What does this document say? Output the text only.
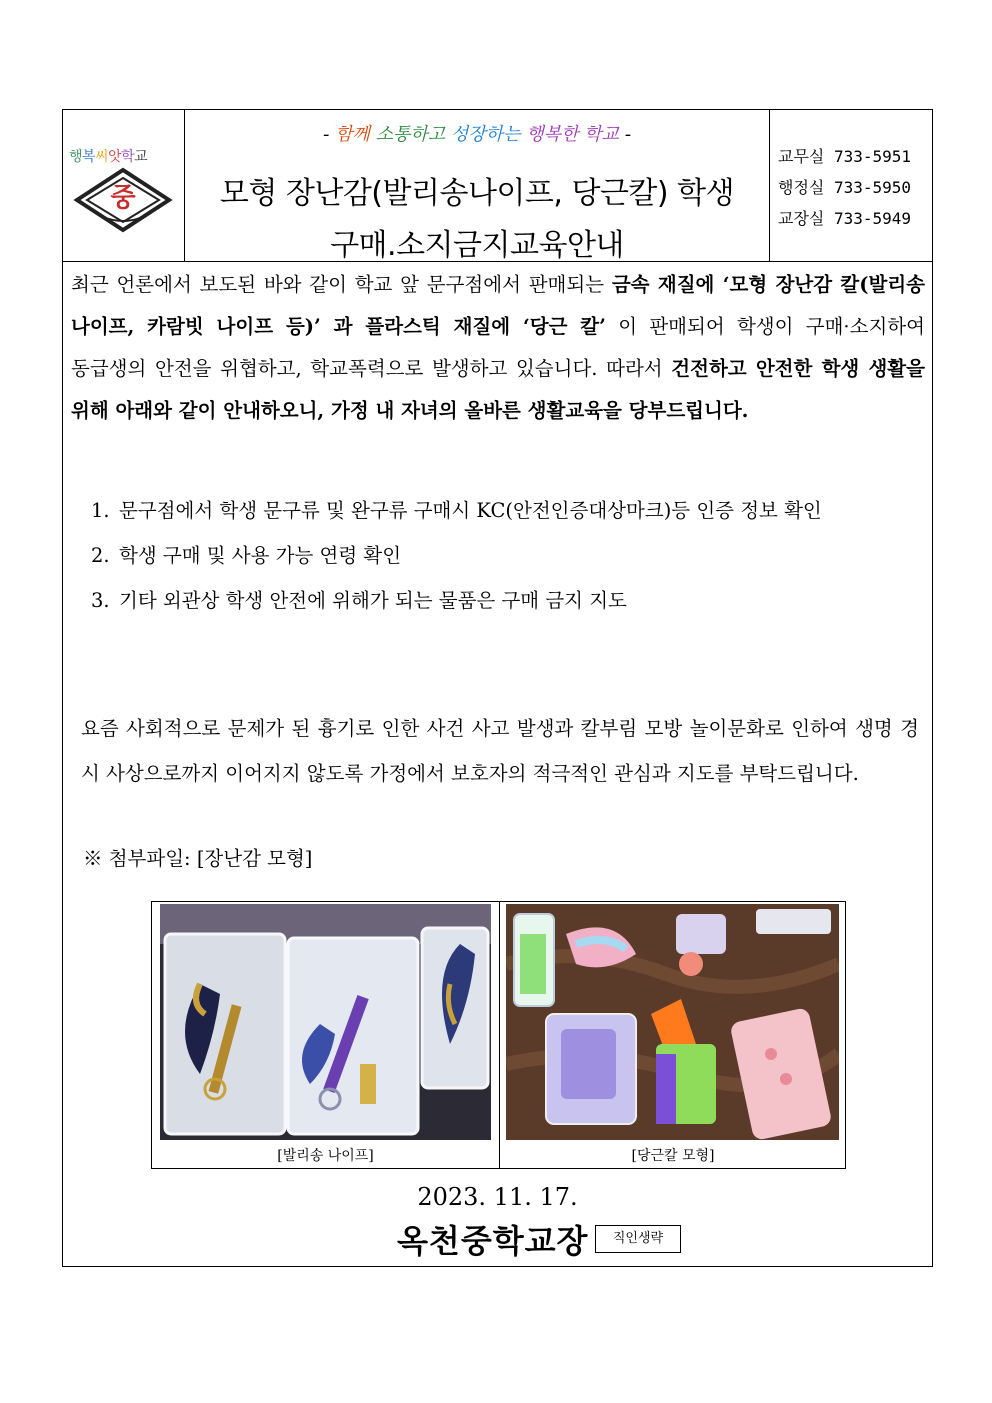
행복씨앗학교
중
- 함께 소통하고 성장하는 행복한 학교 -
모형 장난감(발리송나이프, 당근칼) 학생
구매.소지금지교육안내
교무실 733-5951
행정실 733-5950
교장실 733-5949
최근 언론에서 보도된 바와 같이 학교 앞 문구점에서 판매되는 금속 재질에 ‘모형 장난감 칼(발리송 나이프, 카람빗 나이프 등)’ 과 플라스틱 재질에 ‘당근 칼’ 이 판매되어 학생이 구매·소지하여 동급생의 안전을 위협하고, 학교폭력으로 발생하고 있습니다. 따라서 건전하고 안전한 학생 생활을 위해 아래와 같이 안내하오니, 가정 내 자녀의 올바른 생활교육을 당부드립니다.
1. 문구점에서 학생 문구류 및 완구류 구매시 KC(안전인증대상마크)등 인증 정보 확인
2. 학생 구매 및 사용 가능 연령 확인
3. 기타 외관상 학생 안전에 위해가 되는 물품은 구매 금지 지도
요즘 사회적으로 문제가 된 흉기로 인한 사건 사고 발생과 칼부림 모방 놀이문화로 인하여 생명 경시 사상으로까지 이어지지 않도록 가정에서 보호자의 적극적인 관심과 지도를 부탁드립니다.
※ 첨부파일: [장난감 모형]
[발리송 나이프]	[당근칼 모형]
2023. 11. 17.
옥천중학교장	직인생략
